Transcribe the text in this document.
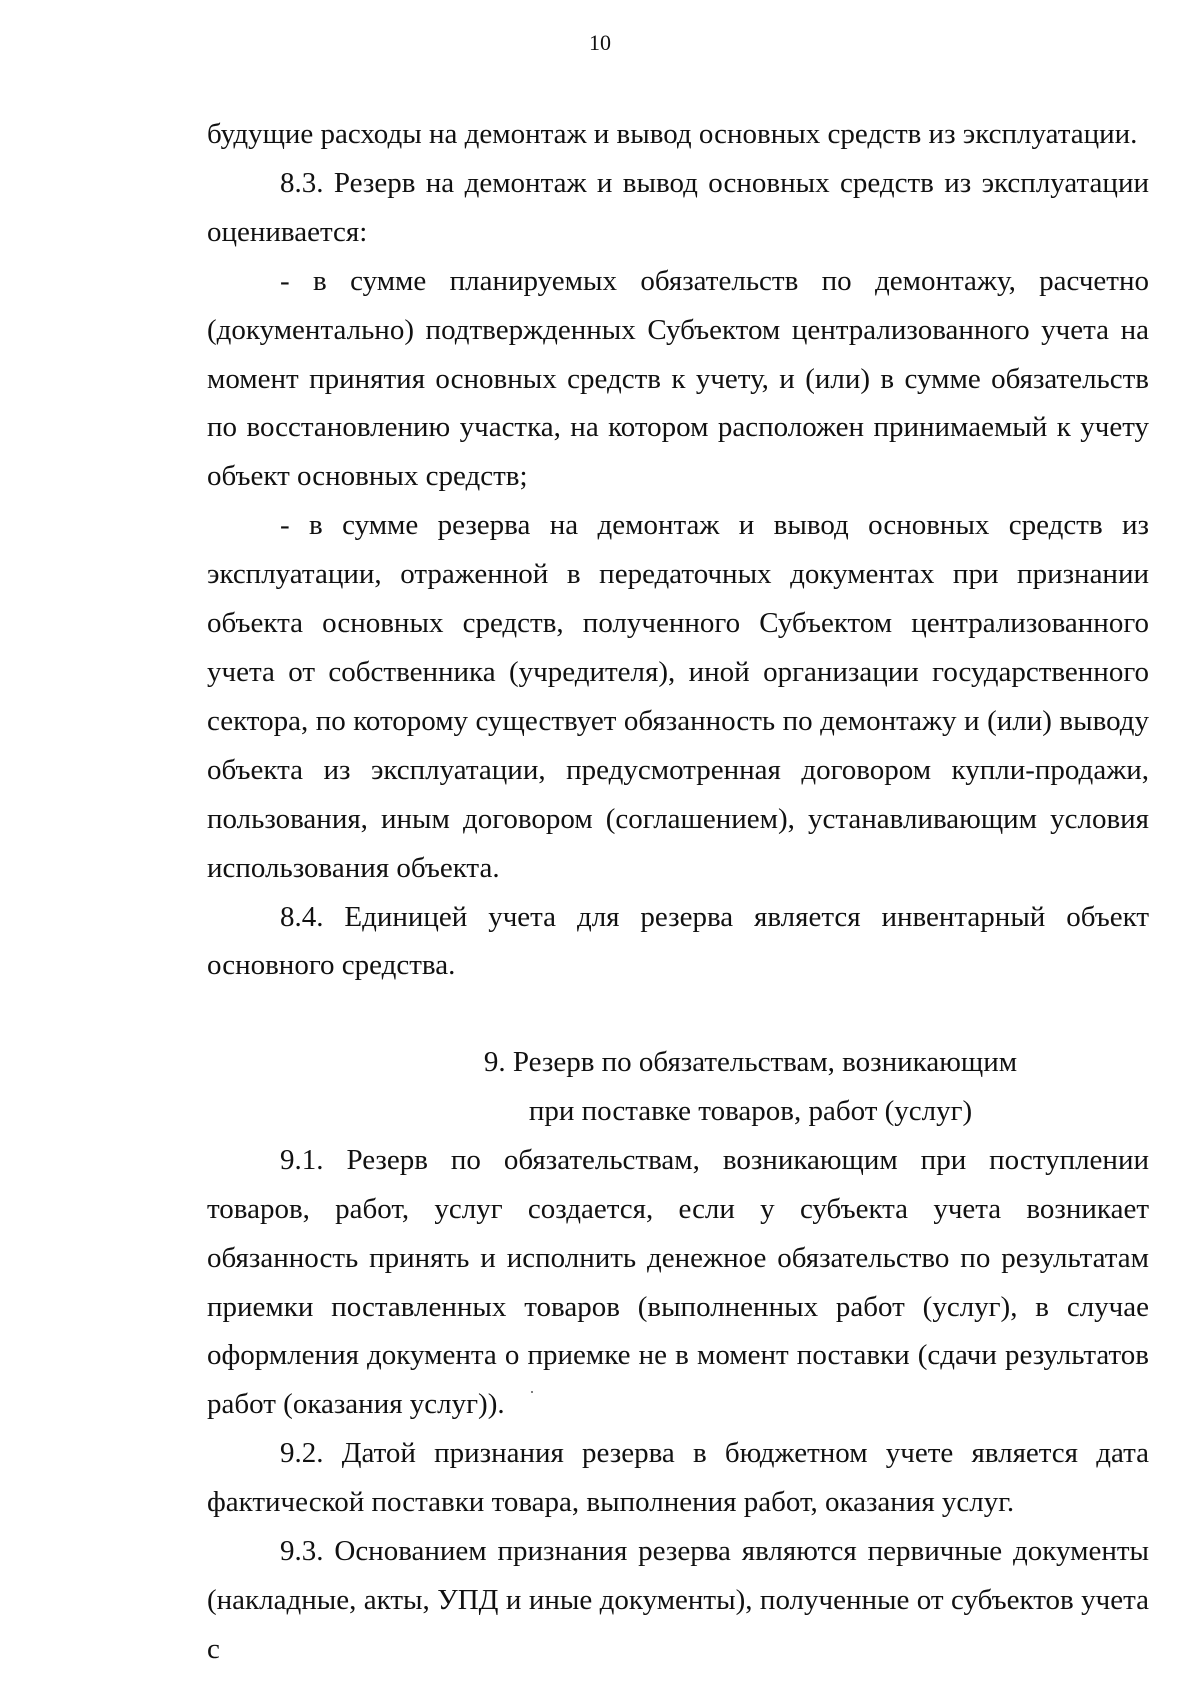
10

будущие расходы на демонтаж и вывод основных средств из эксплуатации.

8.3. Резерв на демонтаж и вывод основных средств из эксплуатации оценивается:

- в сумме планируемых обязательств по демонтажу, расчетно (документально) подтвержденных Субъектом централизованного учета на момент принятия основных средств к учету, и (или) в сумме обязательств по восстановлению участка, на котором расположен принимаемый к учету объект основных средств;

- в сумме резерва на демонтаж и вывод основных средств из эксплуатации, отраженной в передаточных документах при признании объекта основных средств, полученного Субъектом централизованного учета от собственника (учредителя), иной организации государственного сектора, по которому существует обязанность по демонтажу и (или) выводу объекта из эксплуатации, предусмотренная договором купли-продажи, пользования, иным договором (соглашением), устанавливающим условия использования объекта.

8.4. Единицей учета для резерва является инвентарный объект основного средства.

9. Резерв по обязательствам, возникающим
при поставке товаров, работ (услуг)

9.1. Резерв по обязательствам, возникающим при поступлении товаров, работ, услуг создается, если у субъекта учета возникает обязанность принять и исполнить денежное обязательство по результатам приемки поставленных товаров (выполненных работ (услуг), в случае оформления документа о приемке не в момент поставки (сдачи результатов работ (оказания услуг)).

9.2. Датой признания резерва в бюджетном учете является дата фактической поставки товара, выполнения работ, оказания услуг.

9.3. Основанием признания резерва являются первичные документы (накладные, акты, УПД и иные документы), полученные от субъектов учета с
